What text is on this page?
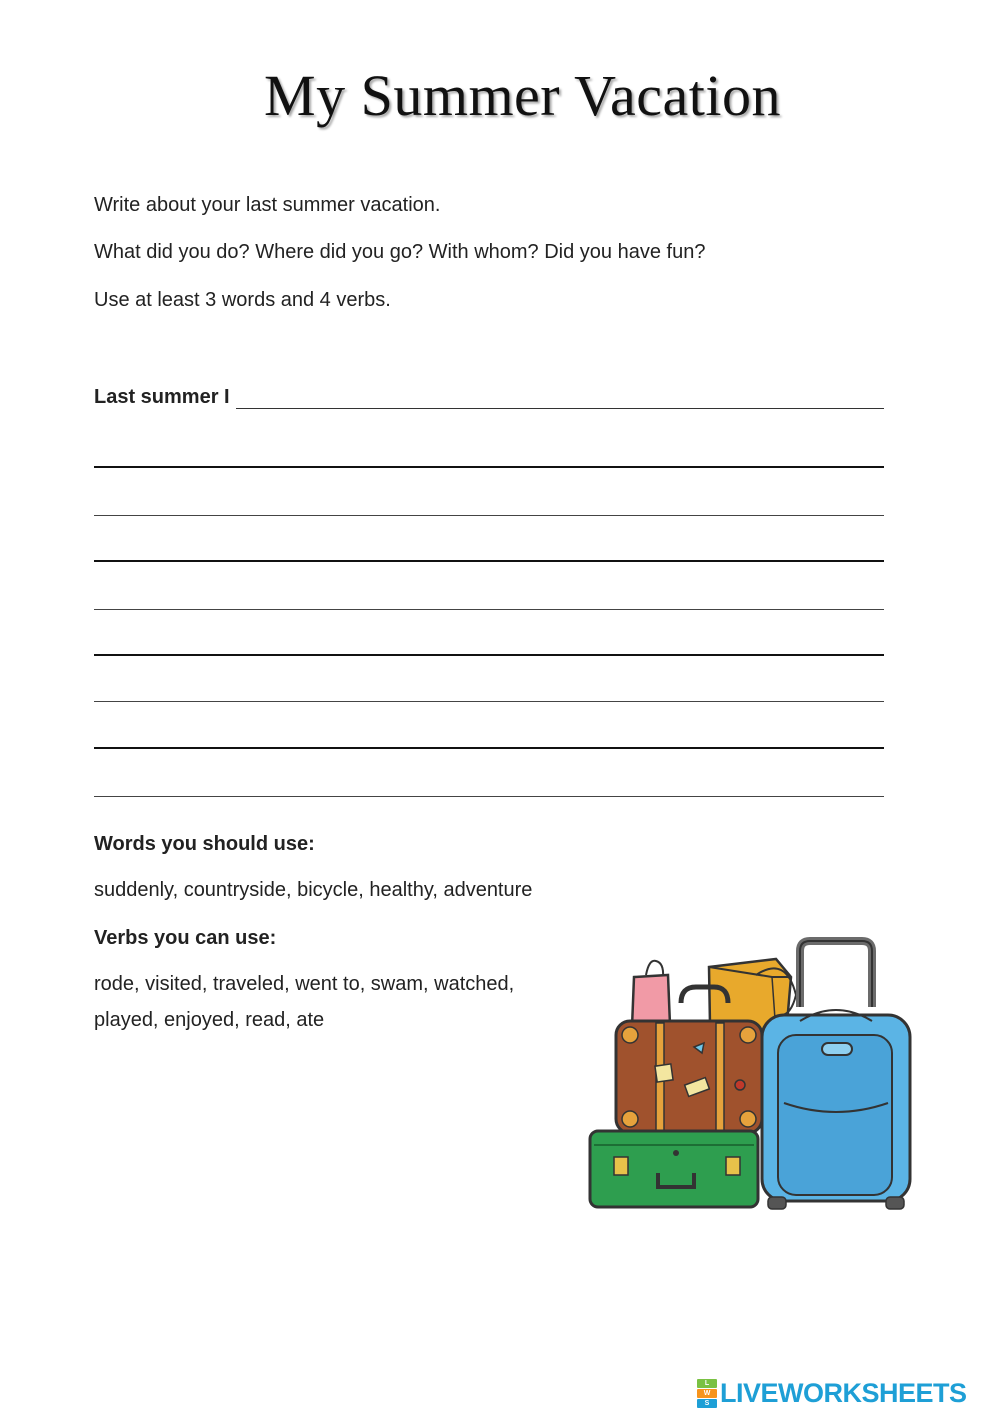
My Summer Vacation
Write about your last summer vacation.
What did you do? Where did you go? With whom? Did you have fun?
Use at least 3 words and 4 verbs.
Last summer I
Words you should use:
suddenly, countryside, bicycle, healthy, adventure
Verbs you can use:
rode, visited, traveled, went to, swam, watched,
played, enjoyed, read, ate
L
W
S LIVEWORKSHEETS
